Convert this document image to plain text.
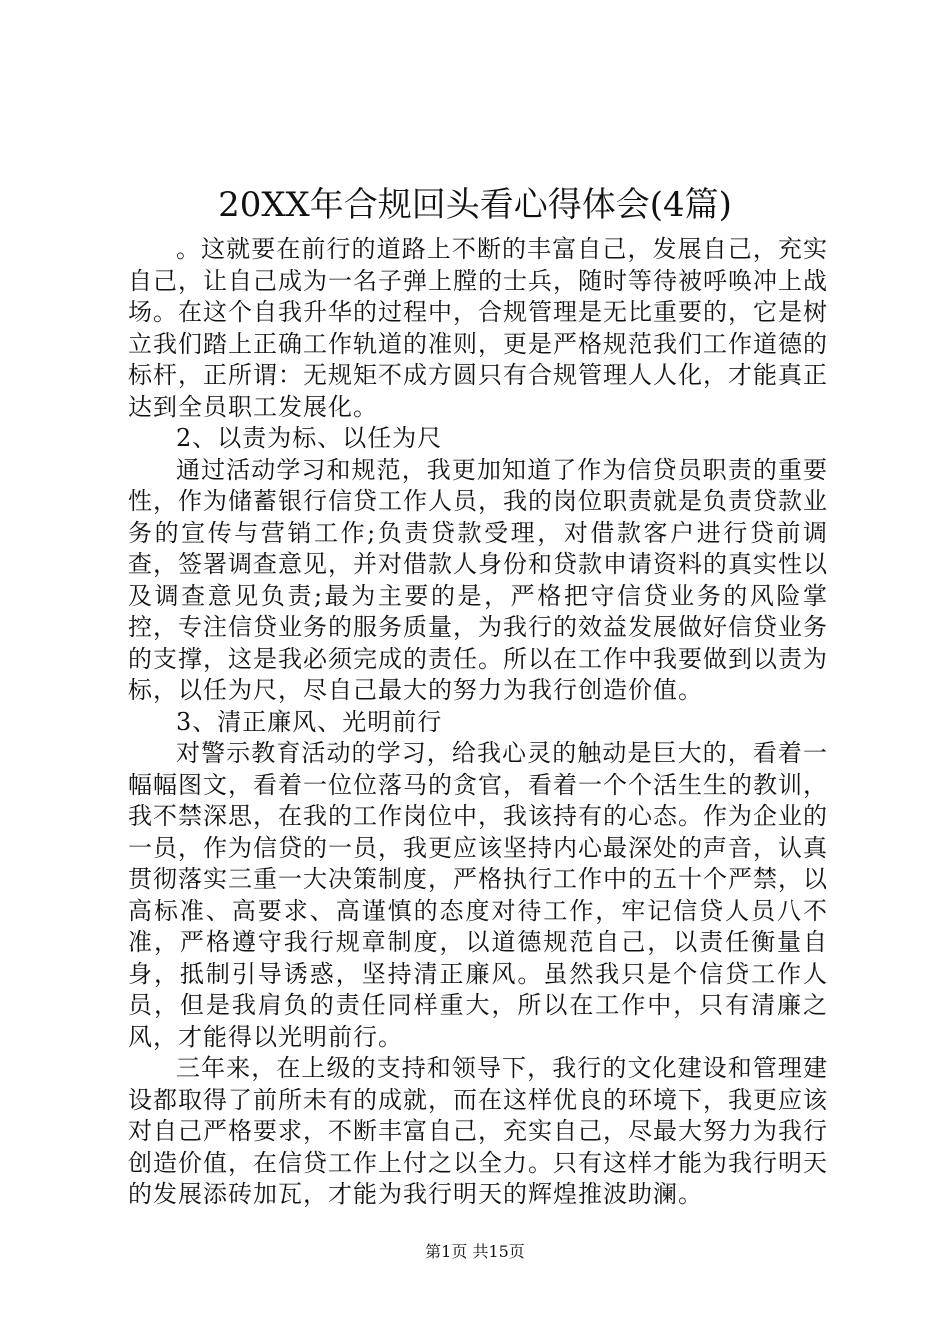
20XX年合规回头看心得体会(4篇)

。这就要在前行的道路上不断的丰富自己，发展自己，充实自己，让自己成为一名子弹上膛的士兵，随时等待被呼唤冲上战场。在这个自我升华的过程中，合规管理是无比重要的，它是树立我们踏上正确工作轨道的准则，更是严格规范我们工作道德的标杆，正所谓：无规矩不成方圆只有合规管理人人化，才能真正达到全员职工发展化。

2、以责为标、以任为尺

通过活动学习和规范，我更加知道了作为信贷员职责的重要性，作为储蓄银行信贷工作人员，我的岗位职责就是负责贷款业务的宣传与营销工作;负责贷款受理，对借款客户进行贷前调查，签署调查意见，并对借款人身份和贷款申请资料的真实性以及调查意见负责;最为主要的是，严格把守信贷业务的风险掌控，专注信贷业务的服务质量，为我行的效益发展做好信贷业务的支撑，这是我必须完成的责任。所以在工作中我要做到以责为标，以任为尺，尽自己最大的努力为我行创造价值。

3、清正廉风、光明前行

对警示教育活动的学习，给我心灵的触动是巨大的，看着一幅幅图文，看着一位位落马的贪官，看着一个个活生生的教训，我不禁深思，在我的工作岗位中，我该持有的心态。作为企业的一员，作为信贷的一员，我更应该坚持内心最深处的声音，认真贯彻落实三重一大决策制度，严格执行工作中的五十个严禁，以高标准、高要求、高谨慎的态度对待工作，牢记信贷人员八不准，严格遵守我行规章制度，以道德规范自己，以责任衡量自身，抵制引导诱惑，坚持清正廉风。虽然我只是个信贷工作人员，但是我肩负的责任同样重大，所以在工作中，只有清廉之风，才能得以光明前行。

三年来，在上级的支持和领导下，我行的文化建设和管理建设都取得了前所未有的成就，而在这样优良的环境下，我更应该对自己严格要求，不断丰富自己，充实自己，尽最大努力为我行创造价值，在信贷工作上付之以全力。只有这样才能为我行明天的发展添砖加瓦，才能为我行明天的辉煌推波助澜。

第1页 共15页
